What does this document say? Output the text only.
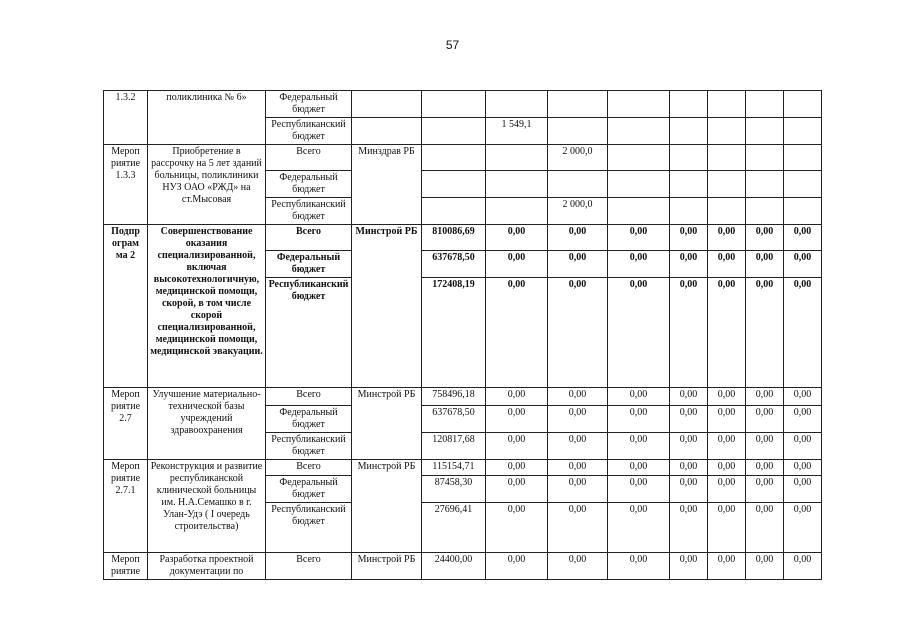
57
1.3.2	поликлиника № 6»	Федеральный бюджет									
		Республиканский бюджет			1 549,1						
Мероп риятие 1.3.3	Приобретение в рассрочку на 5 лет зданий больницы, поликлиники НУЗ ОАО «РЖД» на ст.Мысовая	Всего	Минздрав РБ			2 000,0					
		Федеральный бюджет									
		Республиканский бюджет				2 000,0					
Подпр ограм ма 2	Совершенствование оказания специализированной, включая высокотехнологичную, медицинской помощи, скорой, в том числе скорой специализированной, медицинской помощи, медицинской эвакуации.	Всего	Минстрой РБ	810086,69	0,00	0,00	0,00	0,00	0,00	0,00	0,00
		Федеральный бюджет		637678,50	0,00	0,00	0,00	0,00	0,00	0,00	0,00
		Республиканский бюджет		172408,19	0,00	0,00	0,00	0,00	0,00	0,00	0,00
Мероп риятие 2.7	Улучшение материально-технической базы учреждений здравоохранения	Всего	Минстрой РБ	758496,18	0,00	0,00	0,00	0,00	0,00	0,00	0,00
		Федеральный бюджет		637678,50	0,00	0,00	0,00	0,00	0,00	0,00	0,00
		Республиканский бюджет		120817,68	0,00	0,00	0,00	0,00	0,00	0,00	0,00
Мероп риятие 2.7.1	Реконструкция и развитие республиканской клинической больницы им. Н.А.Семашко в г. Улан-Удэ ( I очередь строительства)	Всего	Минстрой РБ	115154,71	0,00	0,00	0,00	0,00	0,00	0,00	0,00
		Федеральный бюджет		87458,30	0,00	0,00	0,00	0,00	0,00	0,00	0,00
		Республиканский бюджет		27696,41	0,00	0,00	0,00	0,00	0,00	0,00	0,00
Мероп риятие	Разработка проектной документации по	Всего	Минстрой РБ	24400,00	0,00	0,00	0,00	0,00	0,00	0,00	0,00
